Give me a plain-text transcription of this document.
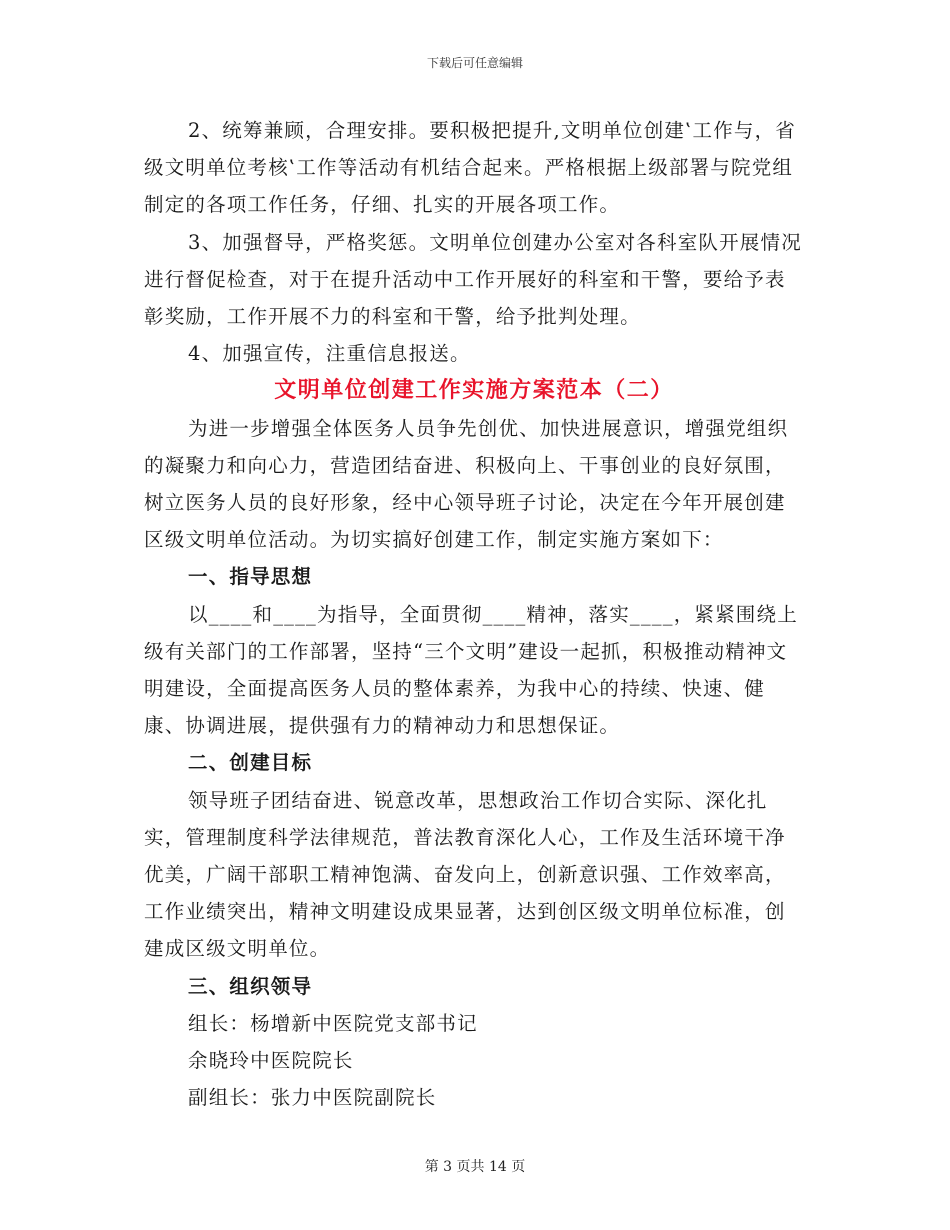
下载后可任意编辑

2、统筹兼顾，合理安排。要积极把提升,文明单位创建‛工作与，省级文明单位考核‛工作等活动有机结合起来。严格根据上级部署与院党组制定的各项工作任务，仔细、扎实的开展各项工作。

3、加强督导，严格奖惩。文明单位创建办公室对各科室队开展情况进行督促检查，对于在提升活动中工作开展好的科室和干警，要给予表彰奖励，工作开展不力的科室和干警，给予批判处理。

4、加强宣传，注重信息报送。

文明单位创建工作实施方案范本（二）

为进一步增强全体医务人员争先创优、加快进展意识，增强党组织的凝聚力和向心力，营造团结奋进、积极向上、干事创业的良好氛围，树立医务人员的良好形象，经中心领导班子讨论，决定在今年开展创建区级文明单位活动。为切实搞好创建工作，制定实施方案如下：

一、指导思想

以____和____为指导，全面贯彻____精神，落实____，紧紧围绕上级有关部门的工作部署，坚持“三个文明”建设一起抓，积极推动精神文明建设，全面提高医务人员的整体素养，为我中心的持续、快速、健康、协调进展，提供强有力的精神动力和思想保证。

二、创建目标

领导班子团结奋进、锐意改革，思想政治工作切合实际、深化扎实，管理制度科学法律规范，普法教育深化人心，工作及生活环境干净优美，广阔干部职工精神饱满、奋发向上，创新意识强、工作效率高，工作业绩突出，精神文明建设成果显著，达到创区级文明单位标准，创建成区级文明单位。

三、组织领导

组长：杨增新中医院党支部书记

余晓玲中医院院长

副组长：张力中医院副院长

第 3 页共 14 页
